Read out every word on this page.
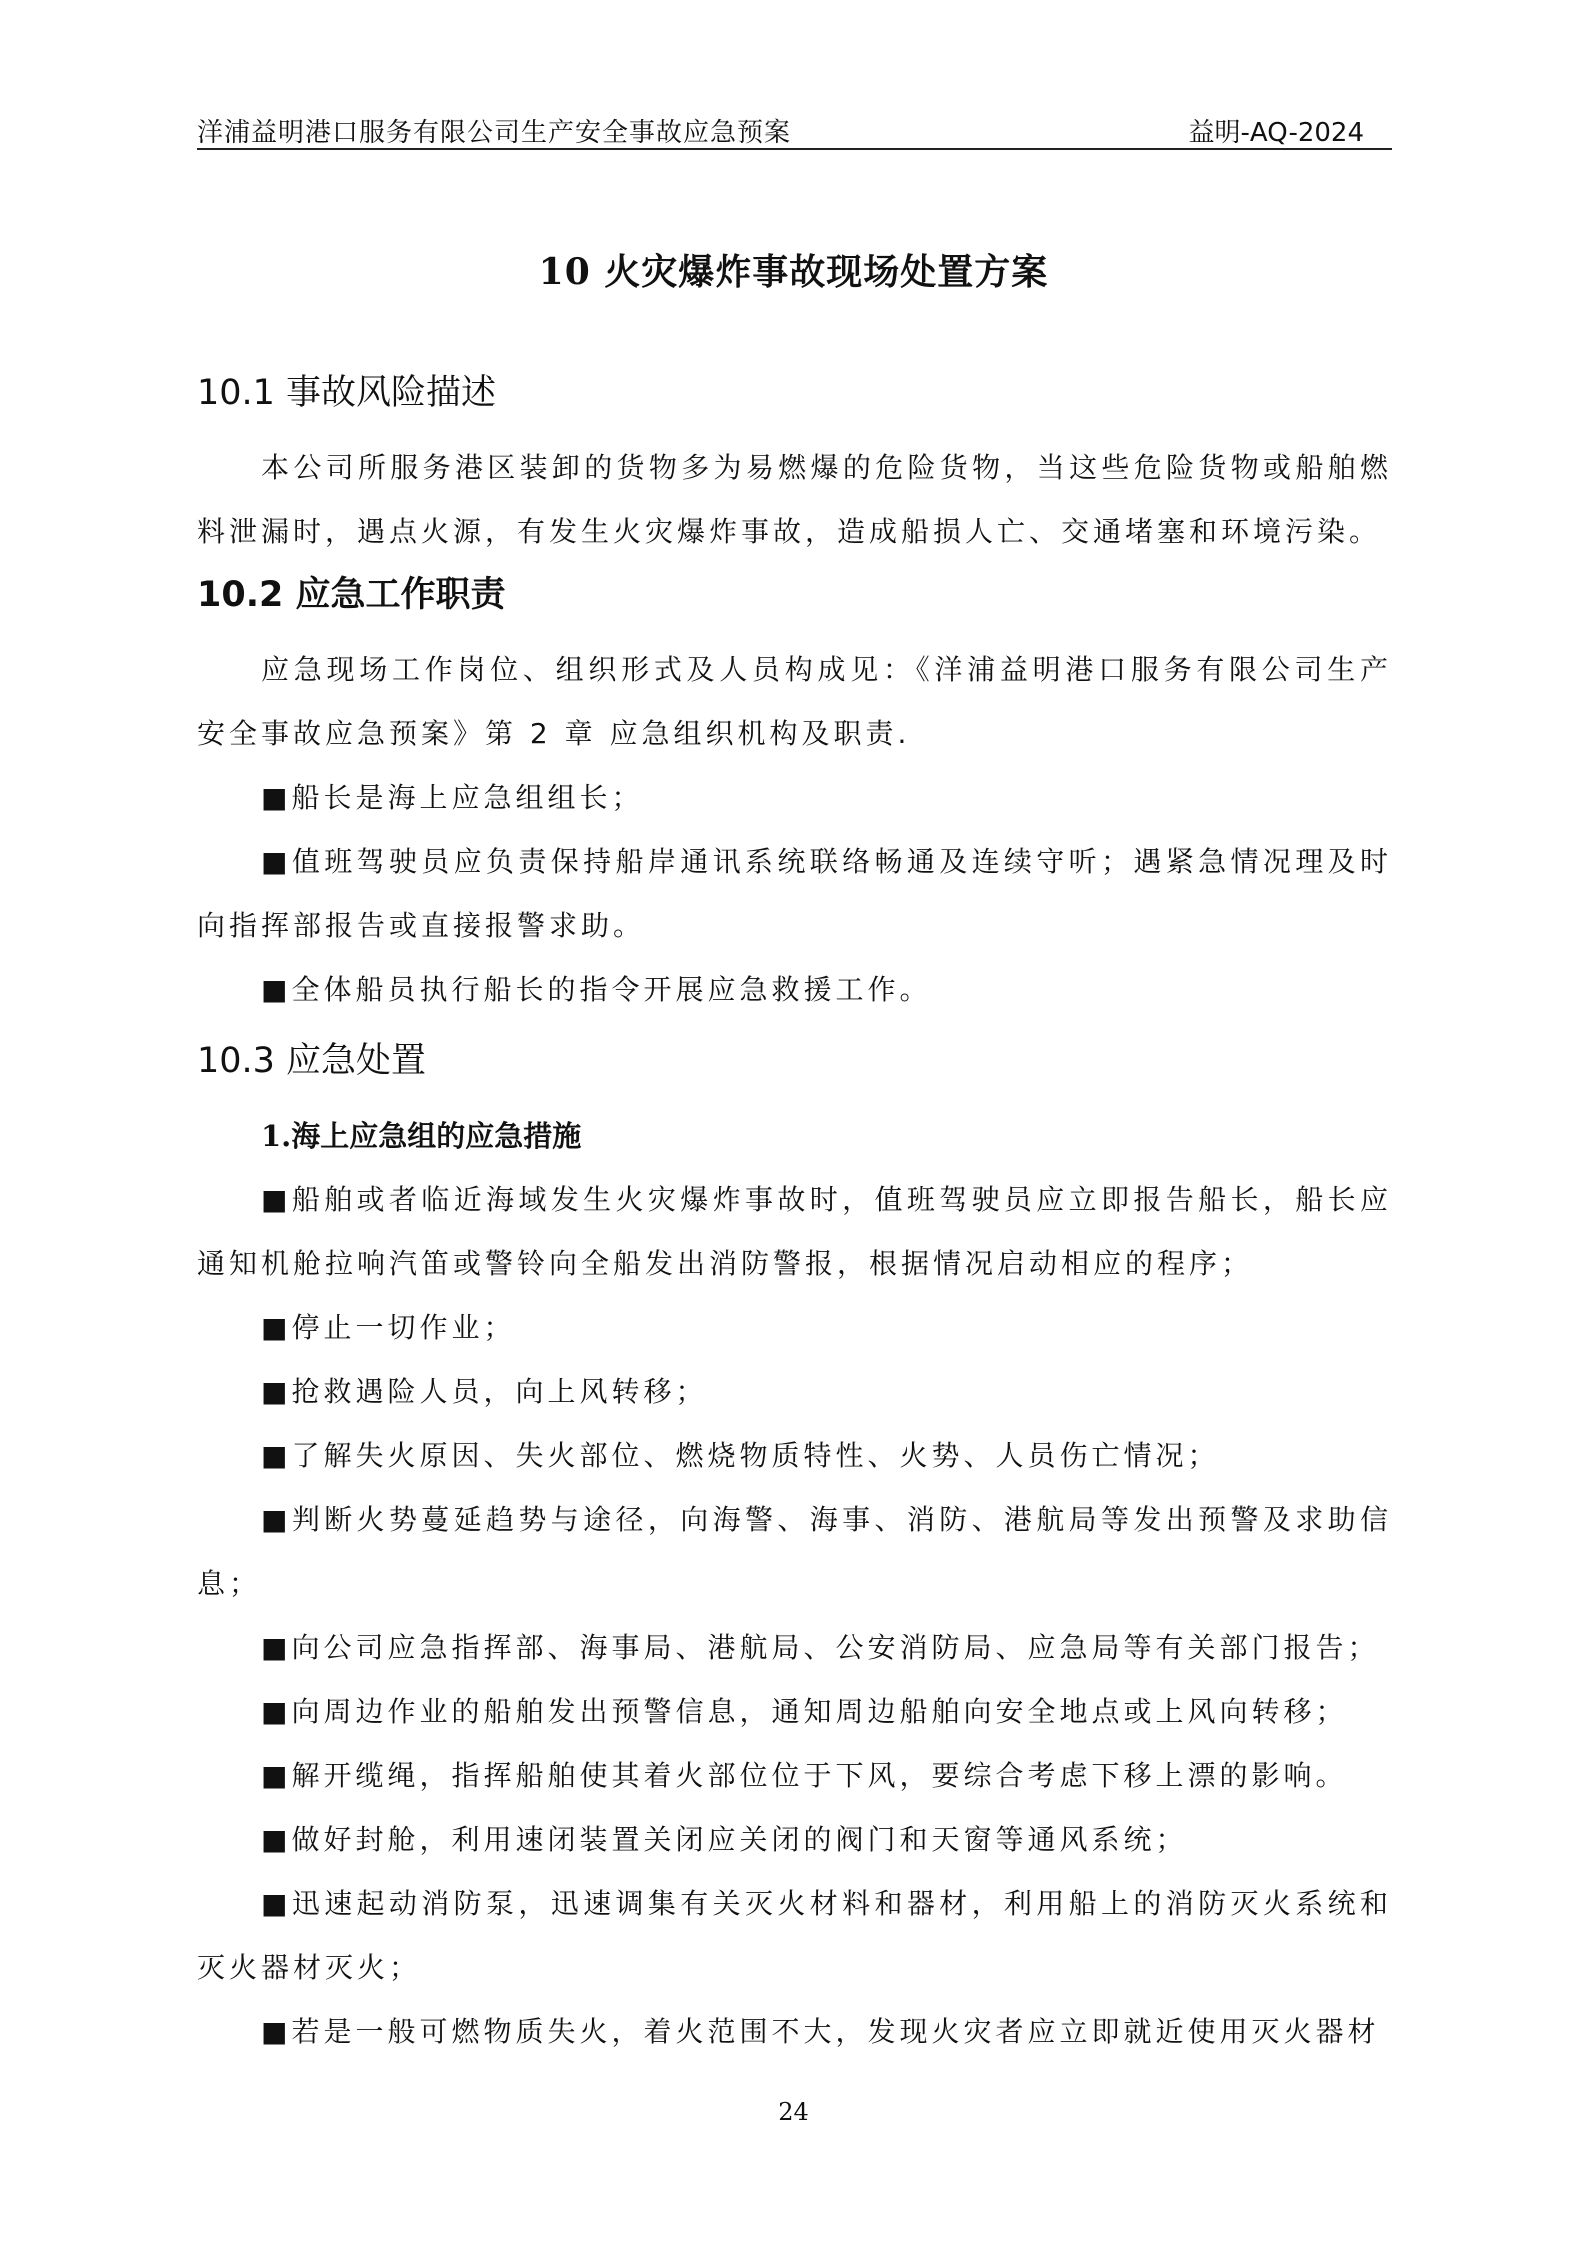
洋浦益明港口服务有限公司生产安全事故应急预案	益明-AQ-2024
10 火灾爆炸事故现场处置方案
10.1 事故风险描述

本公司所服务港区装卸的货物多为易燃爆的危险货物，当这些危险货物或船舶燃料泄漏时，遇点火源，有发生火灾爆炸事故，造成船损人亡、交通堵塞和环境污染。

10.2 应急工作职责

应急现场工作岗位、组织形式及人员构成见：《洋浦益明港口服务有限公司生产安全事故应急预案》第 2 章 应急组织机构及职责.

■船长是海上应急组组长；

■值班驾驶员应负责保持船岸通讯系统联络畅通及连续守听；遇紧急情况理及时向指挥部报告或直接报警求助。

■全体船员执行船长的指令开展应急救援工作。

10.3 应急处置

1.海上应急组的应急措施

■船舶或者临近海域发生火灾爆炸事故时，值班驾驶员应立即报告船长，船长应通知机舱拉响汽笛或警铃向全船发出消防警报，根据情况启动相应的程序；

■停止一切作业；

■抢救遇险人员，向上风转移；

■了解失火原因、失火部位、燃烧物质特性、火势、人员伤亡情况；

■判断火势蔓延趋势与途径，向海警、海事、消防、港航局等发出预警及求助信息；

■向公司应急指挥部、海事局、港航局、公安消防局、应急局等有关部门报告；

■向周边作业的船舶发出预警信息，通知周边船舶向安全地点或上风向转移；

■解开缆绳，指挥船舶使其着火部位位于下风，要综合考虑下移上漂的影响。

■做好封舱，利用速闭装置关闭应关闭的阀门和天窗等通风系统；

■迅速起动消防泵，迅速调集有关灭火材料和器材，利用船上的消防灭火系统和灭火器材灭火；

■若是一般可燃物质失火，着火范围不大，发现火灾者应立即就近使用灭火器材

24
